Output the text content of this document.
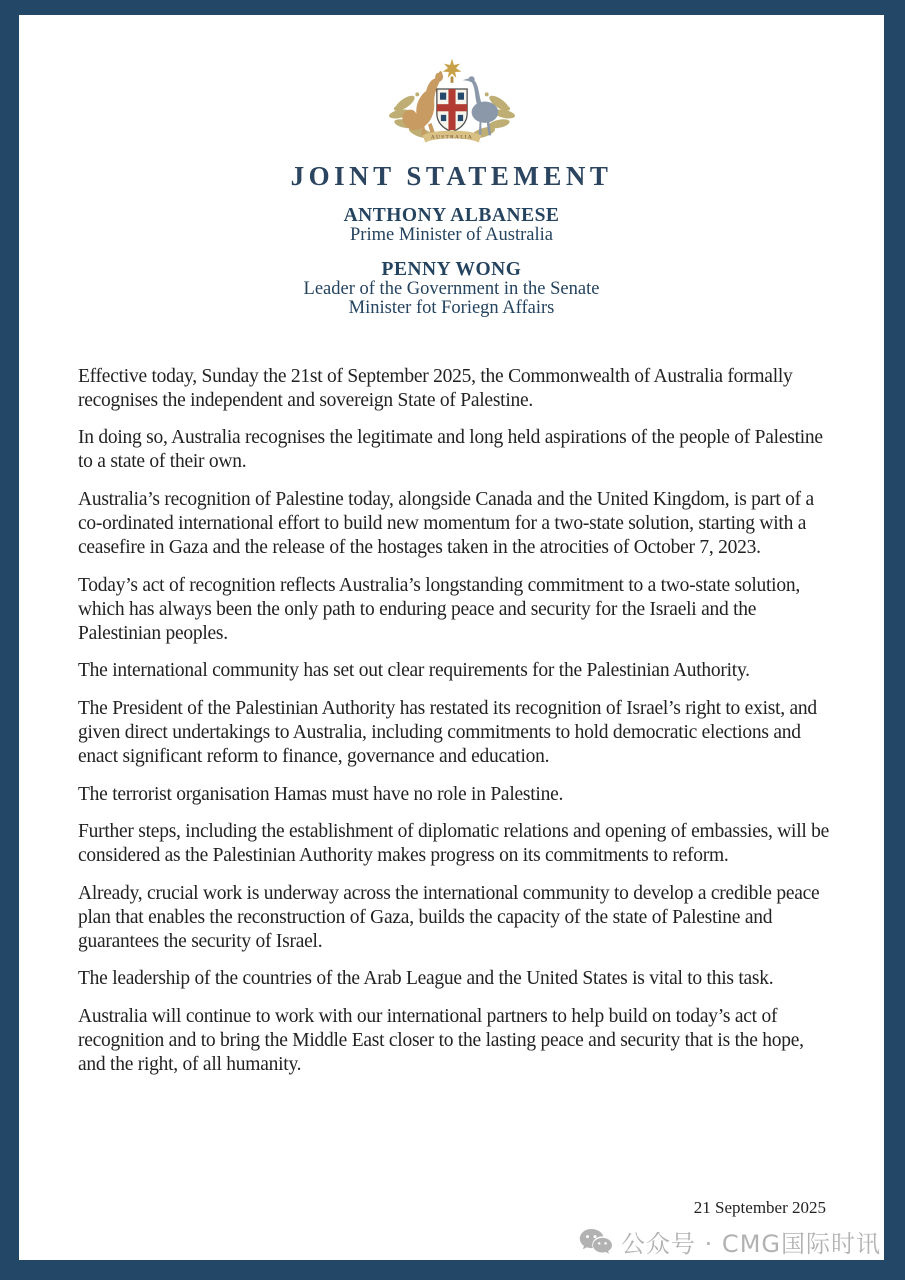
AUSTRALIA
JOINT STATEMENT
ANTHONY ALBANESE
Prime Minister of Australia
PENNY WONG
Leader of the Government in the Senate
Minister fot Foriegn Affairs

Effective today, Sunday the 21st of September 2025, the Commonwealth of Australia formally recognises the independent and sovereign State of Palestine.

In doing so, Australia recognises the legitimate and long held aspirations of the people of Palestine to a state of their own.

Australia’s recognition of Palestine today, alongside Canada and the United Kingdom, is part of a co-ordinated international effort to build new momentum for a two-state solution, starting with a ceasefire in Gaza and the release of the hostages taken in the atrocities of October 7, 2023.

Today’s act of recognition reflects Australia’s longstanding commitment to a two-state solution, which has always been the only path to enduring peace and security for the Israeli and the Palestinian peoples.

The international community has set out clear requirements for the Palestinian Authority.

The President of the Palestinian Authority has restated its recognition of Israel’s right to exist, and given direct undertakings to Australia, including commitments to hold democratic elections and enact significant reform to finance, governance and education.

The terrorist organisation Hamas must have no role in Palestine.

Further steps, including the establishment of diplomatic relations and opening of embassies, will be considered as the Palestinian Authority makes progress on its commitments to reform.

Already, crucial work is underway across the international community to develop a credible peace plan that enables the reconstruction of Gaza, builds the capacity of the state of Palestine and guarantees the security of Israel.

The leadership of the countries of the Arab League and the United States is vital to this task.

Australia will continue to work with our international partners to help build on today’s act of recognition and to bring the Middle East closer to the lasting peace and security that is the hope, and the right, of all humanity.

21 September 2025
公众号 · CMG国际时讯
